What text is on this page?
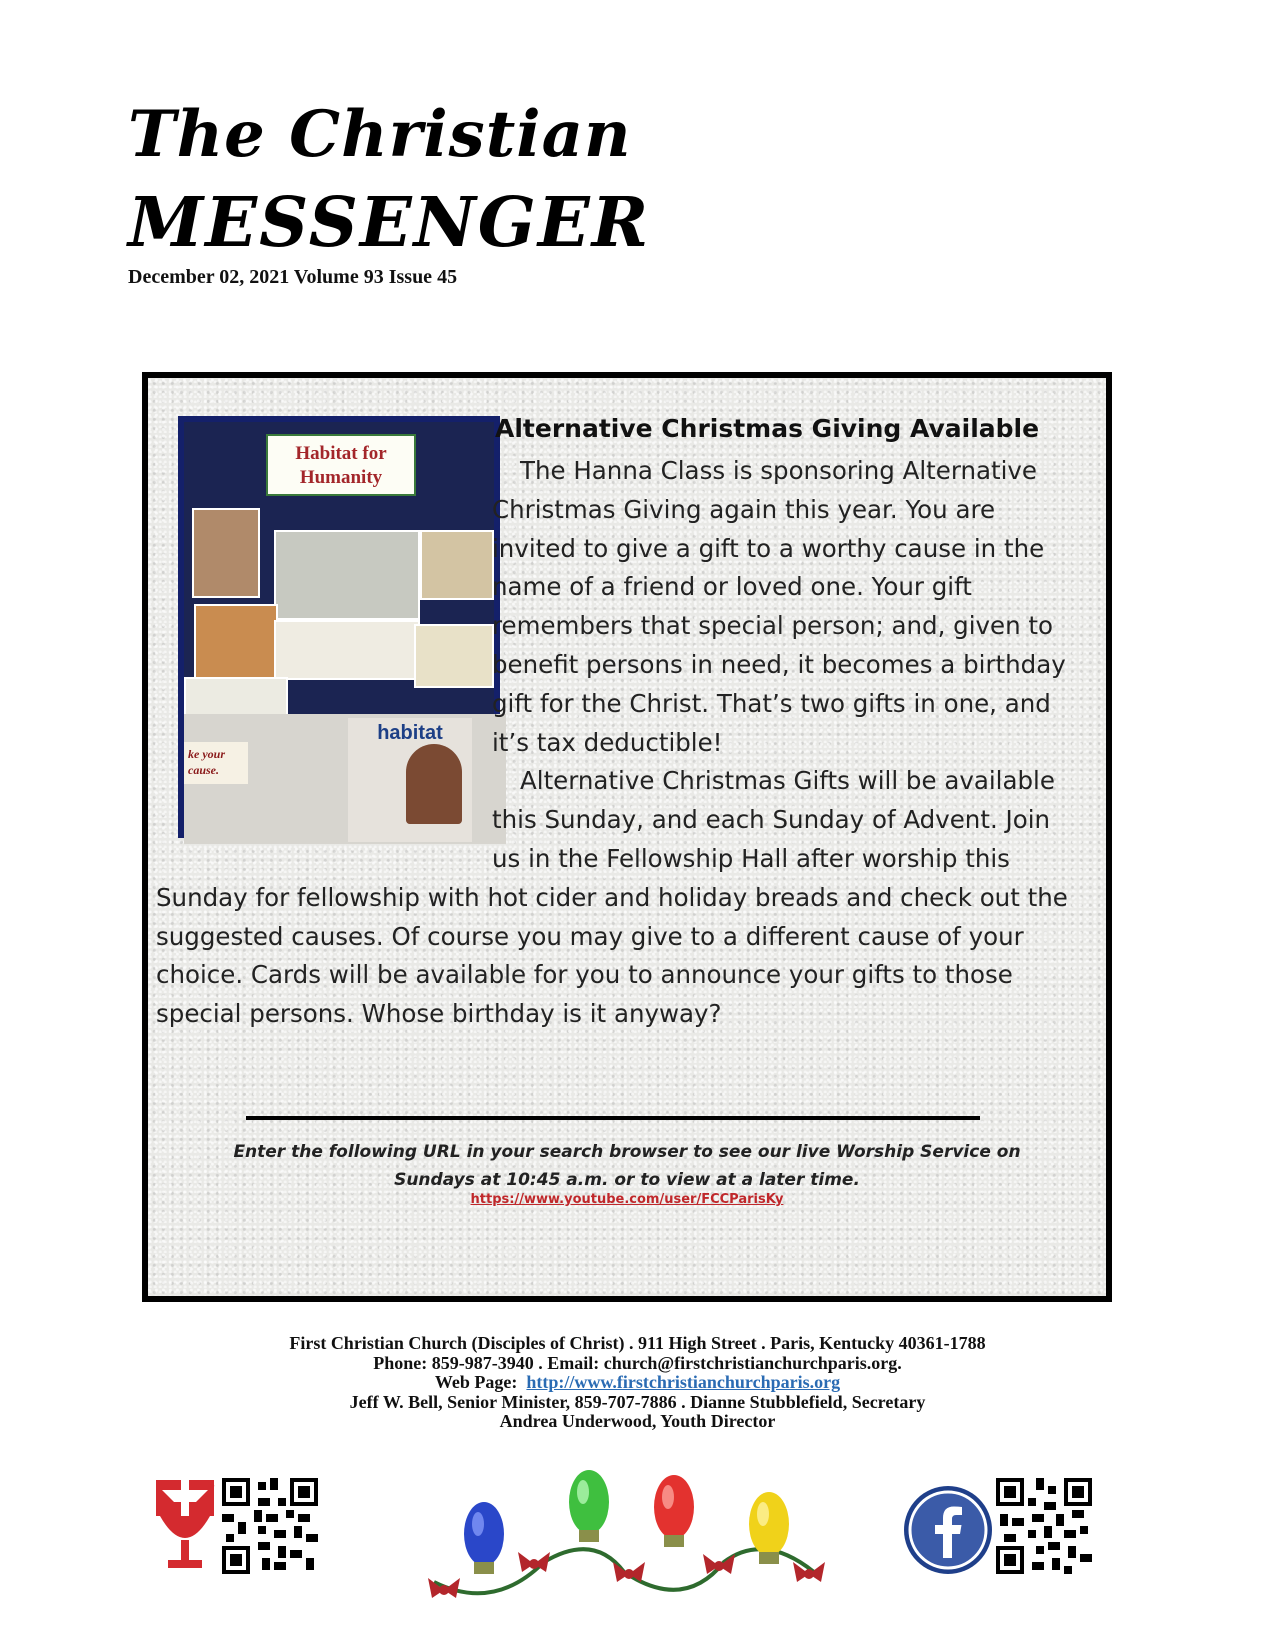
The Christian
MESSENGER
December 02, 2021 Volume 93 Issue 45
Habitat for Humanity
habitat
ke your cause.
Alternative Christmas Giving Available

The Hanna Class is sponsoring Alternative Christmas Giving again this year. You are invited to give a gift to a worthy cause in the name of a friend or loved one. Your gift remembers that special person; and, given to benefit persons in need, it becomes a birthday gift for the Christ. That’s two gifts in one, and it’s tax deductible!

Alternative Christmas Gifts will be available this Sunday, and each Sunday of Advent. Join us in the Fellowship Hall after worship this Sunday for fellowship with hot cider and holiday breads and check out the suggested causes. Of course you may give to a different cause of your choice. Cards will be available for you to announce your gifts to those special persons. Whose birthday is it anyway?

Enter the following URL in your search browser to see our live Worship Service on
Sundays at 10:45 a.m. or to view at a later time.
https://www.youtube.com/user/FCCParisKy
First Christian Church (Disciples of Christ) . 911 High Street . Paris, Kentucky 40361-1788
Phone: 859-987-3940 . Email: church@firstchristianchurchparis.org.
Web Page: http://www.firstchristianchurchparis.org
Jeff W. Bell, Senior Minister, 859-707-7886 . Dianne Stubblefield, Secretary
Andrea Underwood, Youth Director
®
